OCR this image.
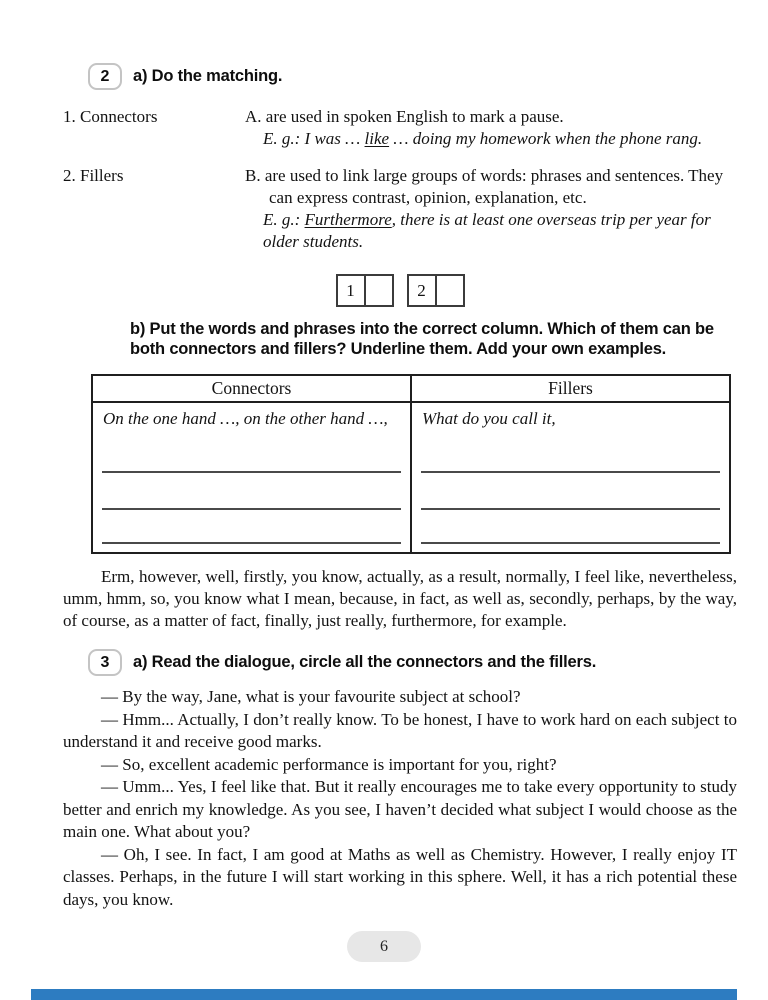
2	a) Do the matching.
1. Connectors	A. are used in spoken English to mark a pause.
E. g.: I was … like … doing my homework when the phone rang.
2. Fillers	B. are used to link large groups of words: phrases and sentences. They can express contrast, opinion, explanation, etc.
E. g.: Furthermore, there is at least one overseas trip per year for older students.
1	2
b) Put the words and phrases into the correct column. Which of them can be both connectors and fillers? Underline them. Add your own examples.
Connectors	Fillers
On the one hand …, on the other hand …,	What do you call it,

Erm, however, well, firstly, you know, actually, as a result, normally, I feel like, nevertheless, umm, hmm, so, you know what I mean, because, in fact, as well as, secondly, perhaps, by the way, of course, as a matter of fact, finally, just really, furthermore, for example.

3	a) Read the dialogue, circle all the connectors and the fillers.

— By the way, Jane, what is your favourite subject at school?

— Hmm... Actually, I don’t really know. To be honest, I have to work hard on each subject to understand it and receive good marks.

— So, excellent academic performance is important for you, right?

— Umm... Yes, I feel like that. But it really encourages me to take every opportunity to study better and enrich my knowledge. As you see, I haven’t decided what subject I would choose as the main one. What about you?

— Oh, I see. In fact, I am good at Maths as well as Chemistry. However, I really enjoy IT classes. Perhaps, in the future I will start working in this sphere. Well, it has a rich potential these days, you know.

6
